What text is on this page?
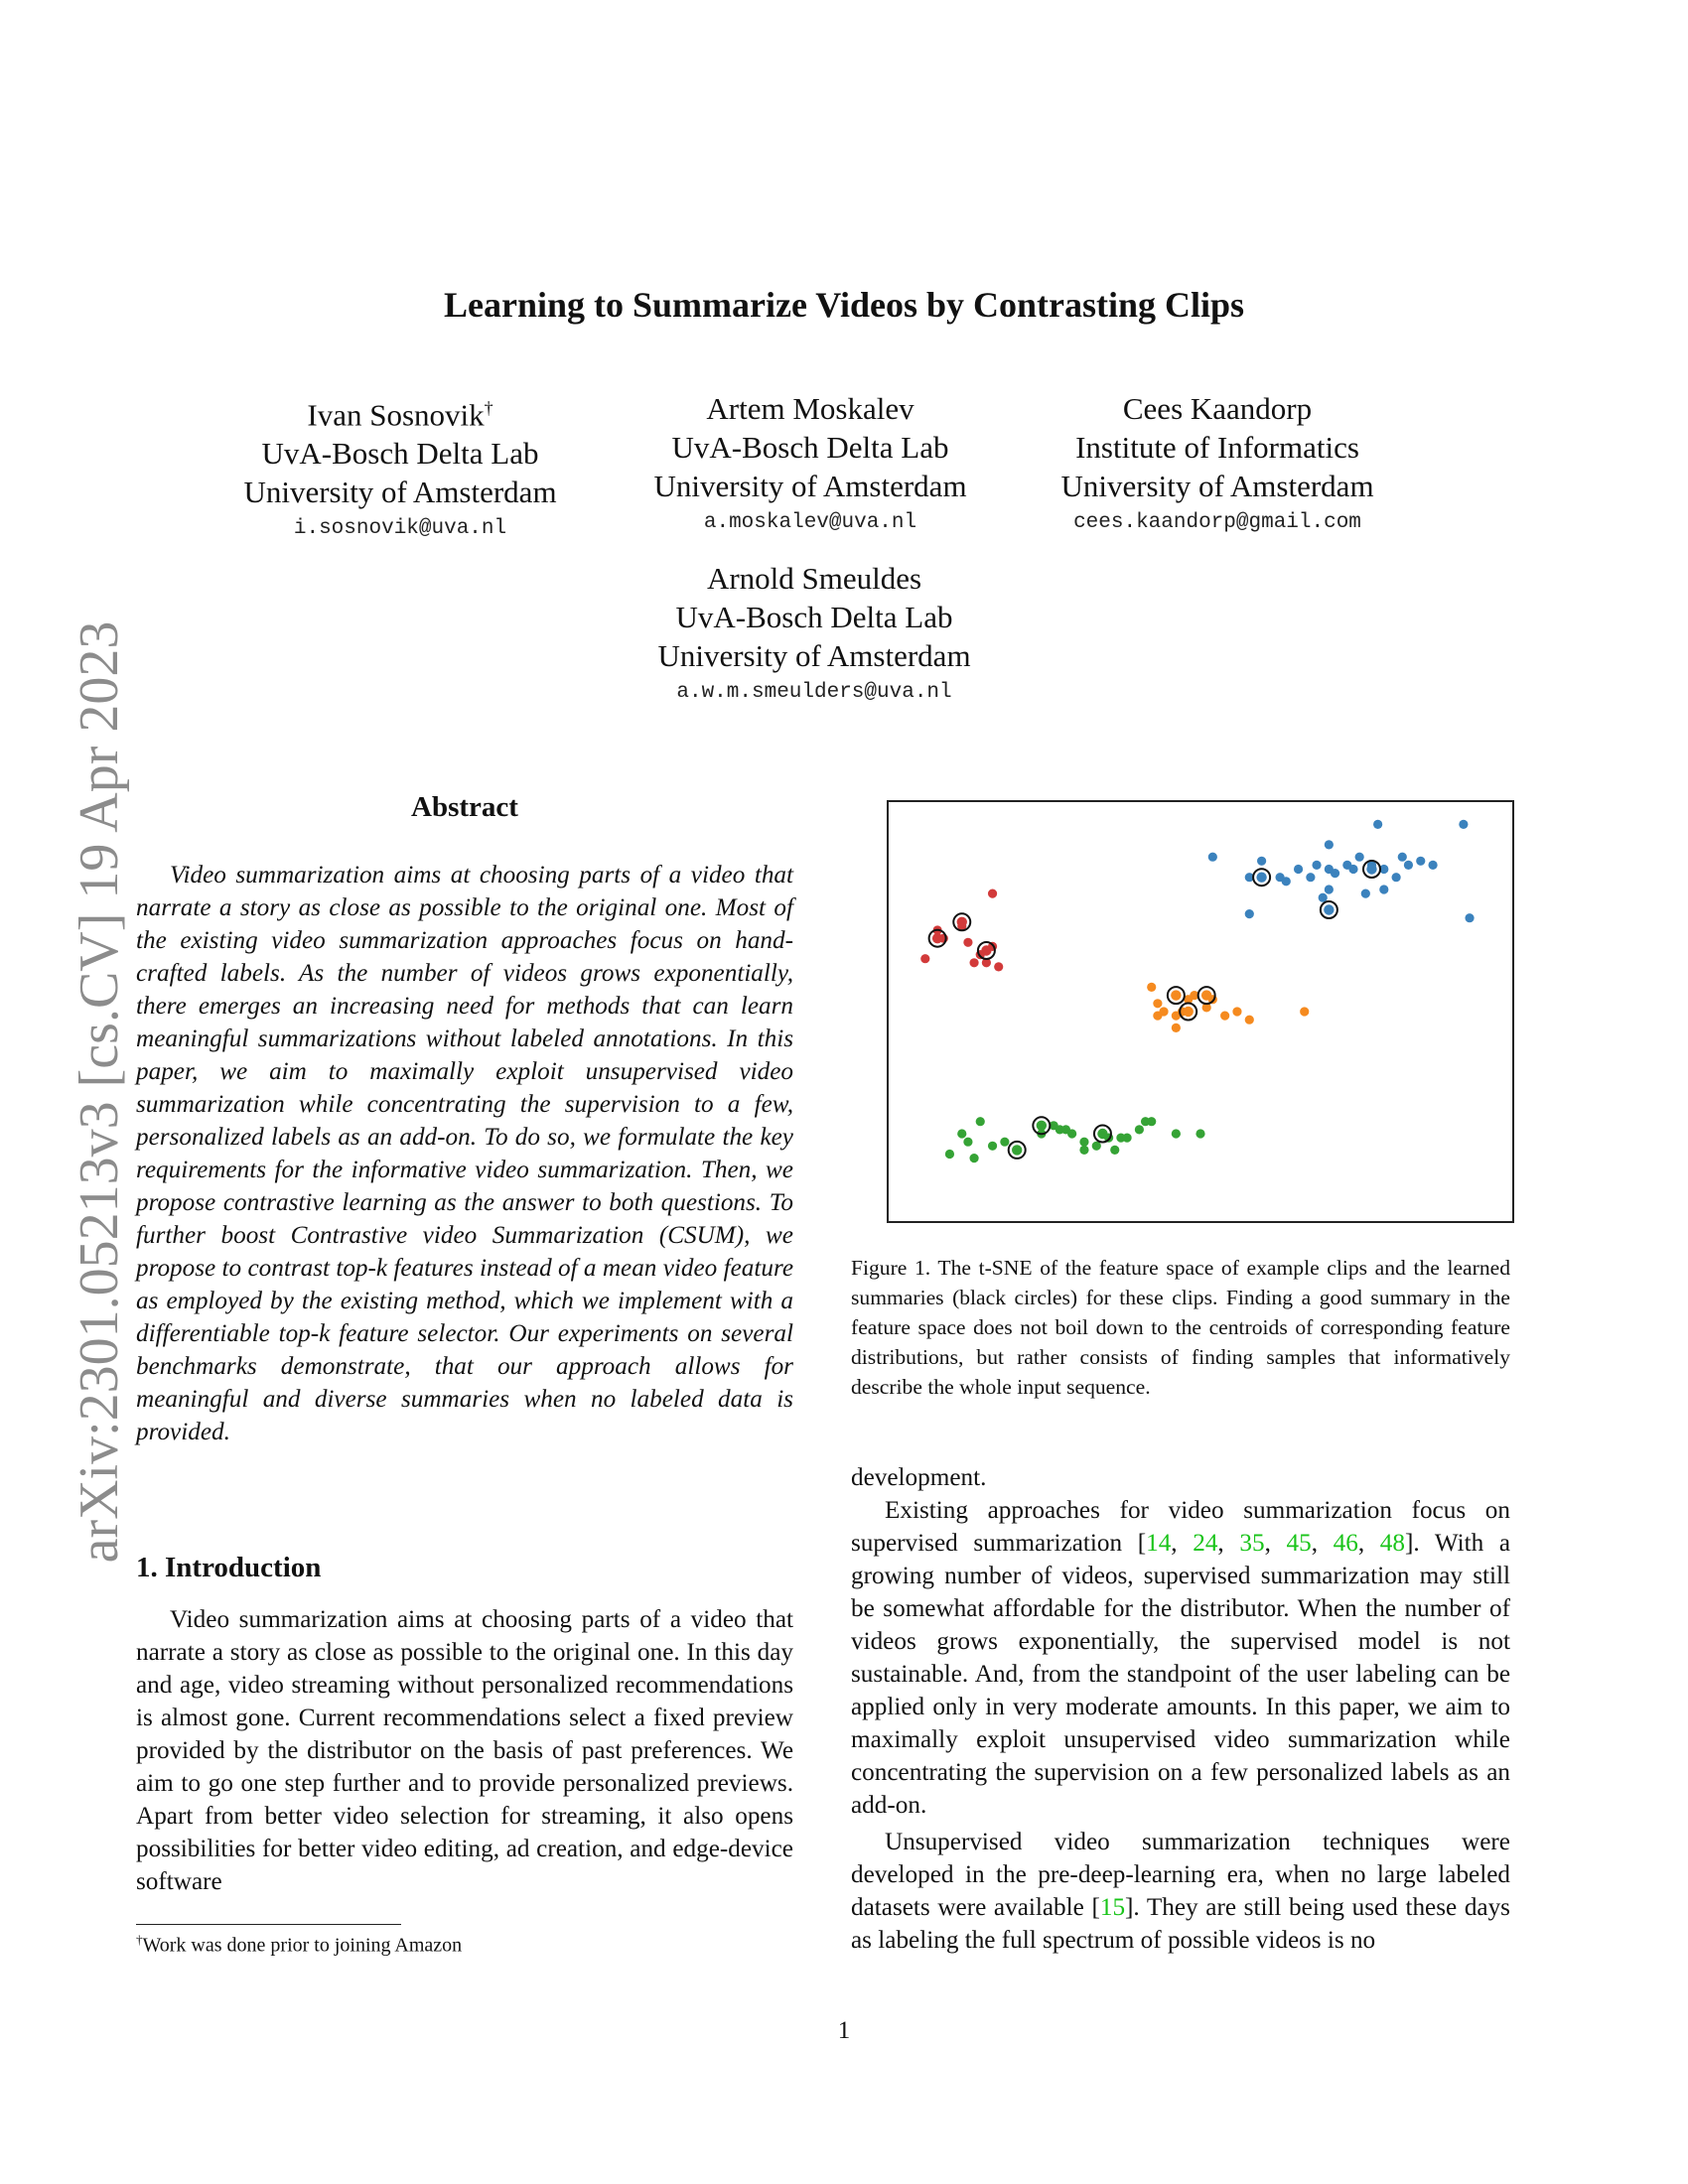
arXiv:2301.05213v3 [cs.CV] 19 Apr 2023
Learning to Summarize Videos by Contrasting Clips
Ivan Sosnovik†
UvA-Bosch Delta Lab
University of Amsterdam
i.sosnovik@uva.nl
Artem Moskalev
UvA-Bosch Delta Lab
University of Amsterdam
a.moskalev@uva.nl
Cees Kaandorp
Institute of Informatics
University of Amsterdam
cees.kaandorp@gmail.com
Arnold Smeuldes
UvA-Bosch Delta Lab
University of Amsterdam
a.w.m.smeulders@uva.nl
Abstract

Video summarization aims at choosing parts of a video that narrate a story as close as possible to the original one. Most of the existing video summarization approaches focus on hand-crafted labels. As the number of videos grows exponentially, there emerges an increasing need for methods that can learn meaningful summarizations without labeled annotations. In this paper, we aim to maximally exploit unsupervised video summarization while concentrating the supervision to a few, personalized labels as an add-on. To do so, we formulate the key requirements for the informative video summarization. Then, we propose contrastive learning as the answer to both questions. To further boost Contrastive video Summarization (CSUM), we propose to contrast top-k features instead of a mean video feature as employed by the existing method, which we implement with a differentiable top-k feature selector. Our experiments on several benchmarks demonstrate, that our approach allows for meaningful and diverse summaries when no labeled data is provided.

1. Introduction

Video summarization aims at choosing parts of a video that narrate a story as close as possible to the original one. In this day and age, video streaming without personalized recommendations is almost gone. Current recommendations select a fixed preview provided by the distributor on the basis of past preferences. We aim to go one step further and to provide personalized previews. Apart from better video selection for streaming, it also opens possibilities for better video editing, ad creation, and edge-device software

Figure 1. The t-SNE of the feature space of example clips and the learned summaries (black circles) for these clips. Finding a good summary in the feature space does not boil down to the centroids of corresponding feature distributions, but rather consists of finding samples that informatively describe the whole input sequence.

development.

Existing approaches for video summarization focus on supervised summarization [14, 24, 35, 45, 46, 48]. With a growing number of videos, supervised summarization may still be somewhat affordable for the distributor. When the number of videos grows exponentially, the supervised model is not sustainable. And, from the standpoint of the user labeling can be applied only in very moderate amounts. In this paper, we aim to maximally exploit unsupervised video summarization while concentrating the supervision on a few personalized labels as an add-on.

Unsupervised video summarization techniques were developed in the pre-deep-learning era, when no large labeled datasets were available [15]. They are still being used these days as labeling the full spectrum of possible videos is no

†Work was done prior to joining Amazon
1
